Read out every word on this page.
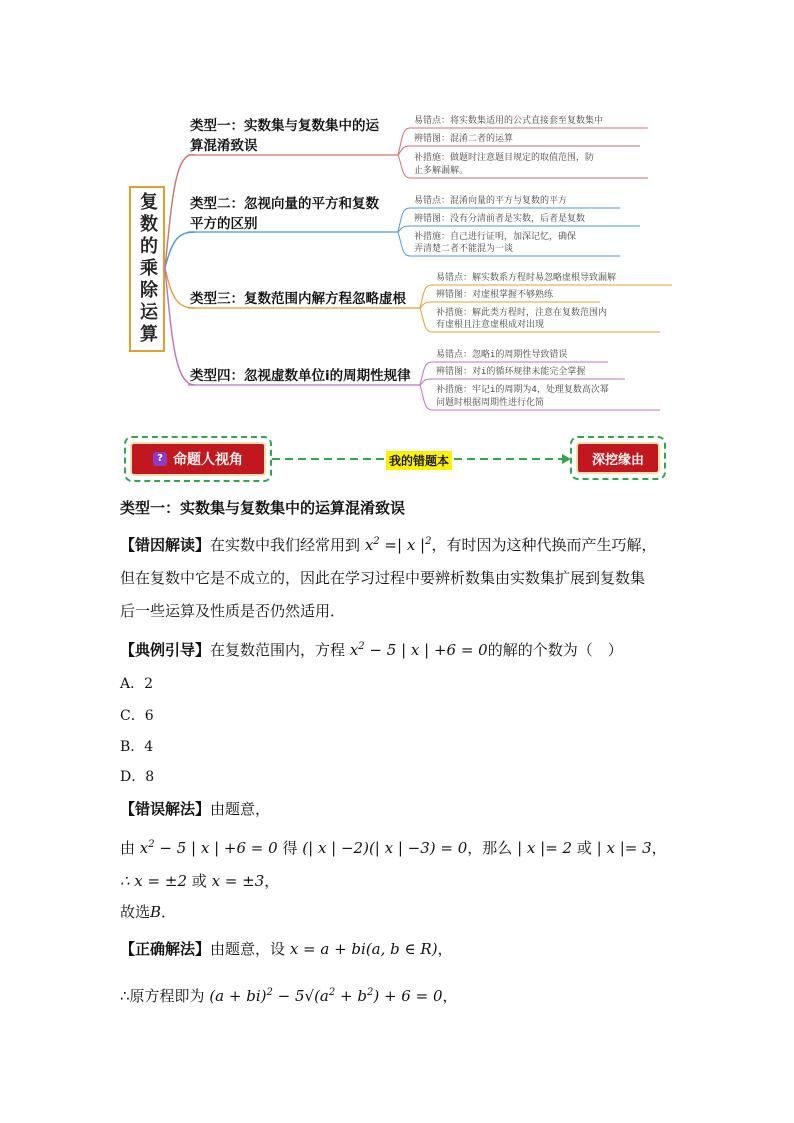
复数的乘除运算
类型一：实数集与复数集中的运
算混淆致误
易错点：将实数集适用的公式直接套至复数集中
辨错图：混淆二者的运算
补措施：做题时注意题目规定的取值范围，防
止多解漏解。
类型二：忽视向量的平方和复数
平方的区别
易错点：混淆向量的平方与复数的平方
辨错图：没有分清前者是实数，后者是复数
补措施：自己进行证明，加深记忆，确保
弄清楚二者不能混为一谈
类型三：复数范围内解方程忽略虚根
易错点：解实数系方程时易忽略虚根导致漏解
辨错图：对虚根掌握不够熟练
补措施：解此类方程时，注意在复数范围内
有虚根且注意虚根成对出现
类型四：忽视虚数单位i的周期性规律
易错点：忽略i的周期性导致错误
辨错图：对i的循环规律未能完全掌握
补措施：牢记i的周期为4，处理复数高次幂
问题时根据周期性进行化简
? 命题人视角	我的错题本	深挖缘由
类型一：实数集与复数集中的运算混淆致误
【错因解读】在实数中我们经常用到 $x^2$ =| x $|^2$，有时因为这种代换而产生巧解，
但在复数中它是不成立的，因此在学习过程中要辨析数集由实数集扩展到复数集
后一些运算及性质是否仍然适用．
【典例引导】在复数范围内，方程 $x^2 - 5$ | x | +6 = 0的解的个数为（　）
A．2
C．6
B．4
D．8
【错误解法】由题意，
由 $x^2 - 5$ | x | +6 = 0 得 (| x | −2)(| x | −3) = 0，那么 | x |= 2 或 | x |= 3，
∴ x = ±2 或 x = ±3，
故选B．
【正确解法】由题意，设 x = a + bi(a, b ∈ R)，
∴原方程即为 $(a + bi)^2 - 5√(a^2 + b^2) + 6 = 0$，
